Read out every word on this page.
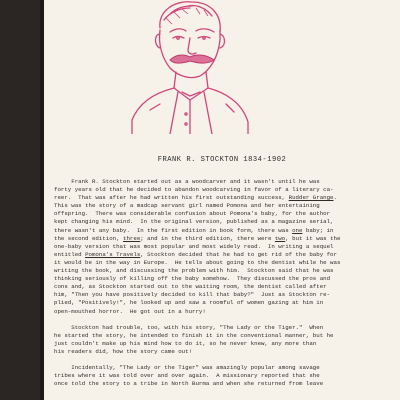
FRANK R. STOCKTON 1834-1902
Frank R. Stockton started out as a woodcarver and it wasn't until he was
forty years old that he decided to abandon woodcarving in favor of a literary ca-
reer.  That was after he had written his first outstanding success, Rudder Grange.
This was the story of a madcap servant girl named Pomona and her entertaining
offspring.  There was considerable confusion about Pomona's baby, for the author
kept changing his mind.  In the original version, published as a magazine serial,
there wasn't any baby.  In the first edition in book form, there was one baby; in
the second edition, three; and in the third edition, there were two, but it was the
one-baby version that was most popular and most widely read.  In writing a sequel
entitled Pomona's Travels, Stockton decided that he had to get rid of the baby for
it would be in the way in Europe.  He tells about going to the dentist while he was
writing the book, and discussing the problem with him.  Stockton said that he was
thinking seriously of killing off the baby somehow.  They discussed the pros and
cons and, as Stockton started out to the waiting room, the dentist called after
him, "Then you have positively decided to kill that baby?"  Just as Stockton re-
plied, "Positively!", he looked up and saw a roomful of women gazing at him in
open-mouthed horror.  He got out in a hurry!
Stockton had trouble, too, with his story, "The Lady or the Tiger."  When
he started the story, he intended to finish it in the conventional manner, but he
just couldn't make up his mind how to do it, so he never knew, any more than
his readers did, how the story came out!
Incidentally, "The Lady or the Tiger" was amazingly popular among savage
tribes where it was told over and over again.  A missionary reported that she
once told the story to a tribe in North Burma and when she returned from leave
